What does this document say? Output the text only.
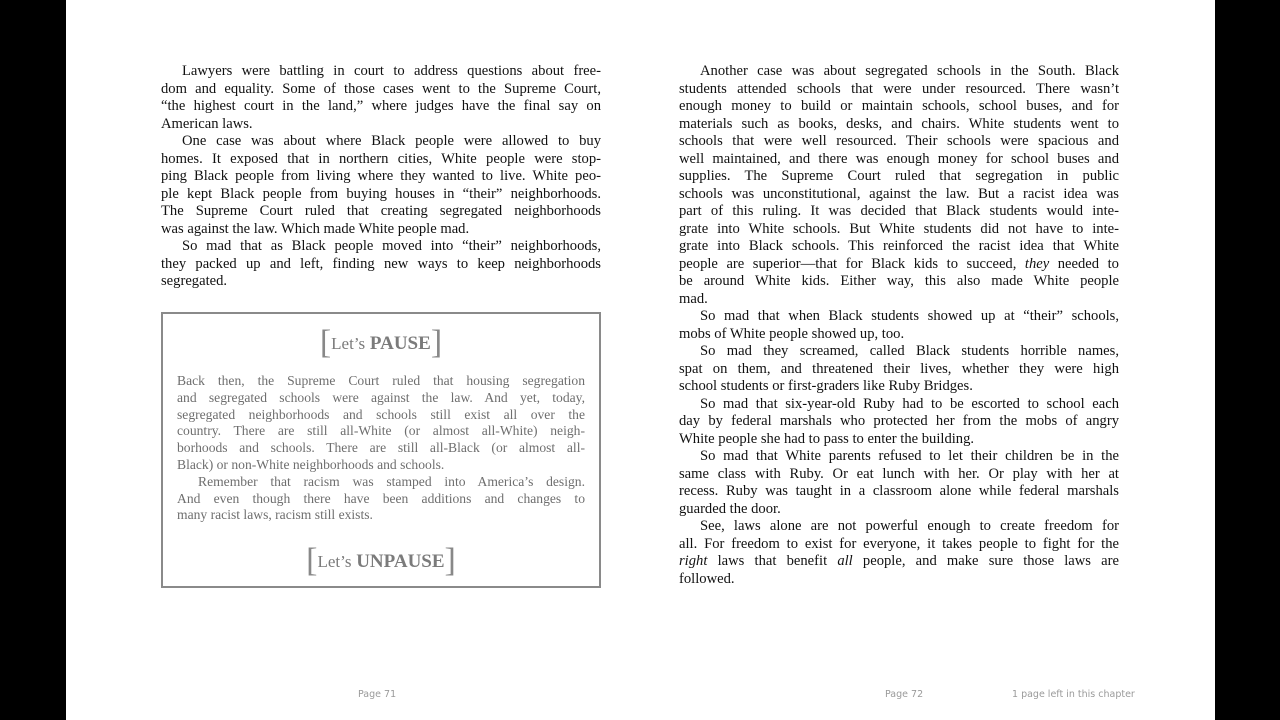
Lawyers were battling in court to address questions about free-
dom and equality. Some of those cases went to the Supreme Court,
“the highest court in the land,” where judges have the final say on
American laws.
One case was about where Black people were allowed to buy
homes. It exposed that in northern cities, White people were stop-
ping Black people from living where they wanted to live. White peo-
ple kept Black people from buying houses in “their” neighborhoods.
The Supreme Court ruled that creating segregated neighborhoods
was against the law. Which made White people mad.
So mad that as Black people moved into “their” neighborhoods,
they packed up and left, finding new ways to keep neighborhoods
segregated.
[Let’s PAUSE]
Back then, the Supreme Court ruled that housing segregation
and segregated schools were against the law. And yet, today,
segregated neighborhoods and schools still exist all over the
country. There are still all-White (or almost all-White) neigh-
borhoods and schools. There are still all-Black (or almost all-
Black) or non-White neighborhoods and schools.
Remember that racism was stamped into America’s design.
And even though there have been additions and changes to
many racist laws, racism still exists.
[Let’s UNPAUSE]
Page 71
Another case was about segregated schools in the South. Black
students attended schools that were under resourced. There wasn’t
enough money to build or maintain schools, school buses, and for
materials such as books, desks, and chairs. White students went to
schools that were well resourced. Their schools were spacious and
well maintained, and there was enough money for school buses and
supplies. The Supreme Court ruled that segregation in public
schools was unconstitutional, against the law. But a racist idea was
part of this ruling. It was decided that Black students would inte-
grate into White schools. But White students did not have to inte-
grate into Black schools. This reinforced the racist idea that White
people are superior—that for Black kids to succeed, they needed to
be around White kids. Either way, this also made White people
mad.
So mad that when Black students showed up at “their” schools,
mobs of White people showed up, too.
So mad they screamed, called Black students horrible names,
spat on them, and threatened their lives, whether they were high
school students or first-graders like Ruby Bridges.
So mad that six-year-old Ruby had to be escorted to school each
day by federal marshals who protected her from the mobs of angry
White people she had to pass to enter the building.
So mad that White parents refused to let their children be in the
same class with Ruby. Or eat lunch with her. Or play with her at
recess. Ruby was taught in a classroom alone while federal marshals
guarded the door.
See, laws alone are not powerful enough to create freedom for
all. For freedom to exist for everyone, it takes people to fight for the
right laws that benefit all people, and make sure those laws are
followed.
Page 72	1 page left in this chapter
